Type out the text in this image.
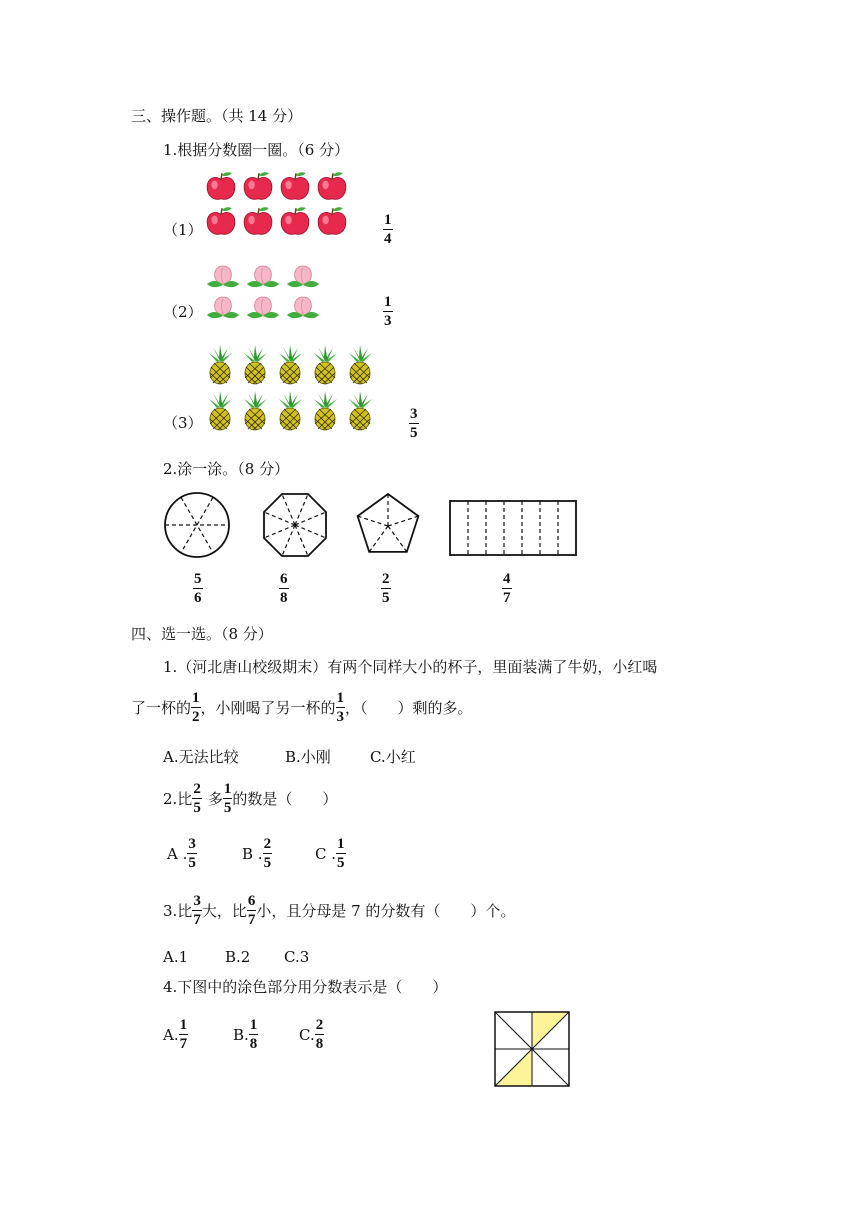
三、操作题。（共 14 分）
1.根据分数圈一圈。（6 分）
（1）
1
4
（2）
1
3
（3）	3
5
2.涂一涂。（8 分）
5
6
6
8
2
5
4
7
四、选一选。（8 分）
1.（河北唐山校级期末）有两个同样大小的杯子，里面装满了牛奶，小红喝
了一杯的 $\frac{1}{2}$ ，小刚喝了另一杯的 $\frac{1}{3}$ ，（　　）剩的多。
A.无法比较	B.小刚	C.小红
2.比 $\frac{2}{5}$ 多 $\frac{1}{5}$ 的数是（　　）
A . $\frac{3}{5}$	B . $\frac{2}{5}$	C . $\frac{1}{5}$
3.比 $\frac{3}{7}$ 大，比 $\frac{6}{7}$ 小，且分母是 7 的分数有（　　）个。
A.1 B.2 C.3
4.下图中的涂色部分用分数表示是（　　）
A. $\frac{1}{7}$	B. $\frac{1}{8}$	C. $\frac{2}{8}$
